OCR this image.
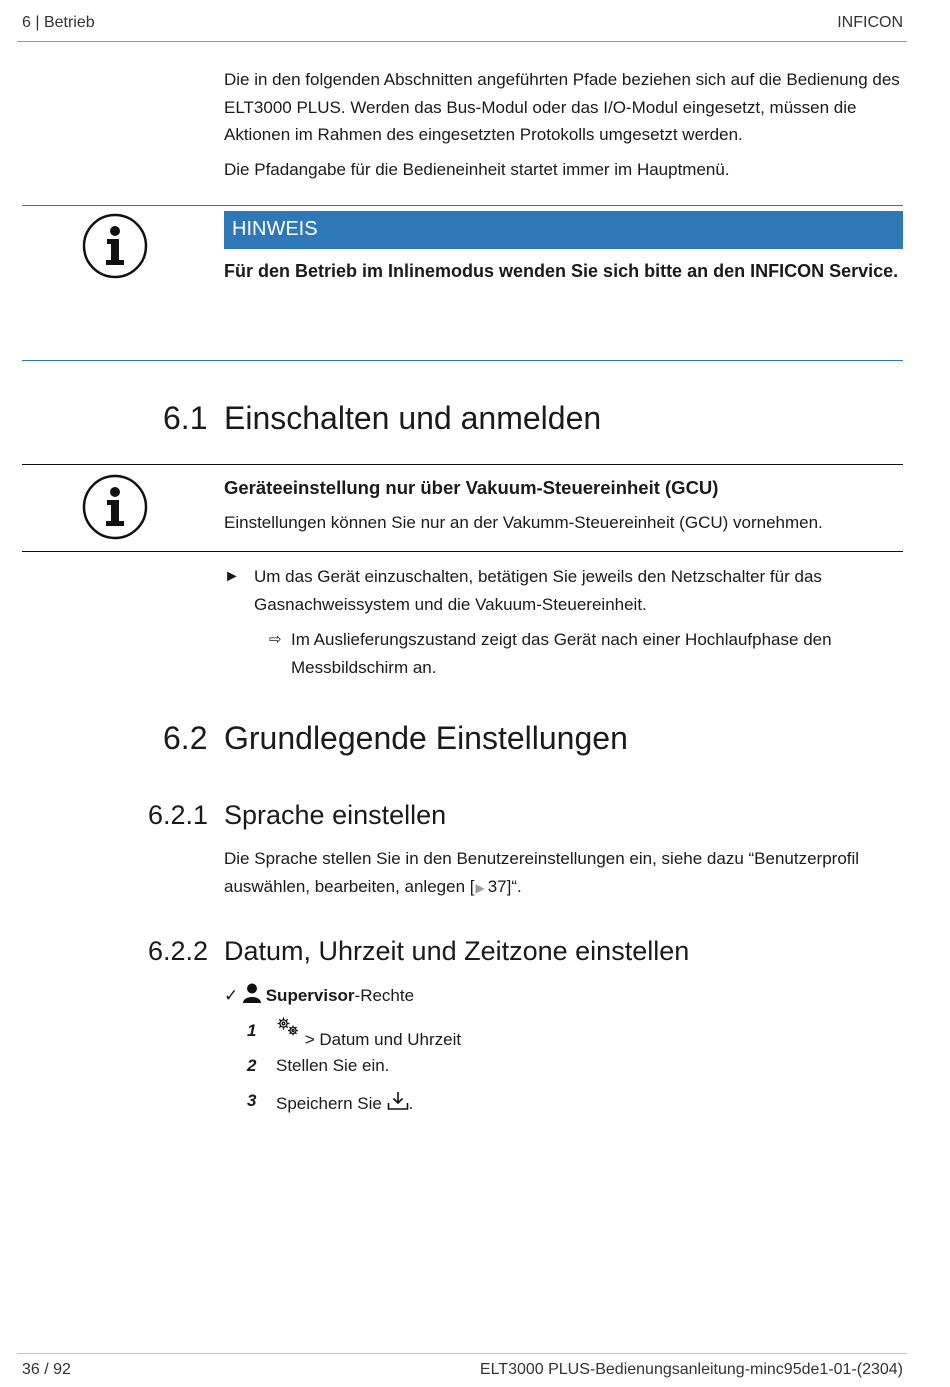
6 | Betrieb	INFICON
Die in den folgenden Abschnitten angeführten Pfade beziehen sich auf die Bedienung des ELT3000 PLUS. Werden das Bus-Modul oder das I/O-Modul eingesetzt, müssen die Aktionen im Rahmen des eingesetzten Protokolls umgesetzt werden.
Die Pfadangabe für die Bedieneinheit startet immer im Hauptmenü.
HINWEIS
Für den Betrieb im Inlinemodus wenden Sie sich bitte an den INFICON Service.
6.1 Einschalten und anmelden
Geräteeinstellung nur über Vakuum-Steuereinheit (GCU)
Einstellungen können Sie nur an der Vakumm-Steuereinheit (GCU) vornehmen.
► Um das Gerät einzuschalten, betätigen Sie jeweils den Netzschalter für das Gasnachweissystem und die Vakuum-Steuereinheit.
⇨ Im Auslieferungszustand zeigt das Gerät nach einer Hochlaufphase den Messbildschirm an.
6.2 Grundlegende Einstellungen
6.2.1 Sprache einstellen
Die Sprache stellen Sie in den Benutzereinstellungen ein, siehe dazu “Benutzerprofil auswählen, bearbeiten, anlegen [▶ 37]“.
6.2.2 Datum, Uhrzeit und Zeitzone einstellen
✓ Supervisor-Rechte
1	> Datum und Uhrzeit
2 Stellen Sie ein.
3 Speichern Sie .
36 / 92	ELT3000 PLUS-Bedienungsanleitung-minc95de1-01-(2304)
